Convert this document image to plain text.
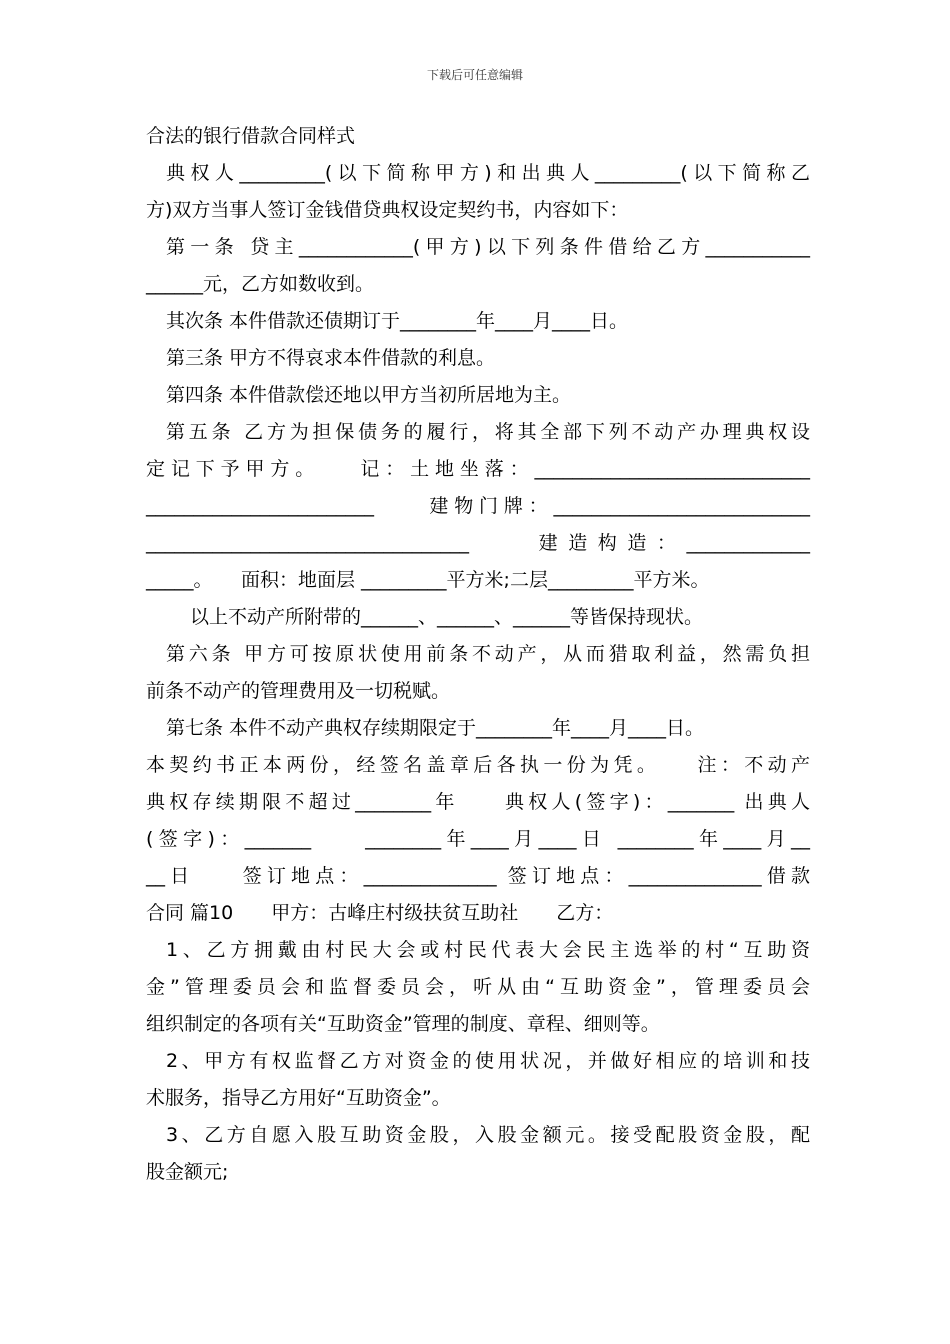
下载后可任意编辑
合法的银行借款合同样式
典权人_________(以下简称甲方)和出典人_________(以下简称乙
方)双方当事人签订金钱借贷典权设定契约书，内容如下：
第一条 贷主____________(甲方)以下列条件借给乙方___________
______元，乙方如数收到。
其次条 本件借款还债期订于________年____月____日。
第三条 甲方不得哀求本件借款的利息。
第四条 本件借款偿还地以甲方当初所居地为主。
第五条 乙方为担保债务的履行，将其全部下列不动产办理典权设
定记下予甲方。　　记：土地坐落：_____________________________
________________________　　建物门牌：___________________________
__________________________________　　建造构造：_____________
_____。　　面积：地面层 _________平方米;二层_________平方米。
以上不动产所附带的______、______、______等皆保持现状。
第六条 甲方可按原状使用前条不动产，从而猎取利益，然需负担
前条不动产的管理费用及一切税赋。
第七条 本件不动产典权存续期限定于________年____月____日。
本契约书正本两份，经签名盖章后各执一份为凭。　　注：不动产
典权存续期限不超过________年　　典权人(签字)：_______ 出典人
(签字)：_______　　________年____月____日 ________年____月__
__日　　签订地点：______________ 签订地点：______________借款
合同 篇10　　甲方：古峰庄村级扶贫互助社　　乙方：
1、乙方拥戴由村民大会或村民代表大会民主选举的村“互助资
金”管理委员会和监督委员会，听从由“互助资金”，管理委员会
组织制定的各项有关“互助资金”管理的制度、章程、细则等。
2、甲方有权监督乙方对资金的使用状况，并做好相应的培训和技
术服务，指导乙方用好“互助资金”。
3、乙方自愿入股互助资金股，入股金额元。接受配股资金股，配
股金额元;
